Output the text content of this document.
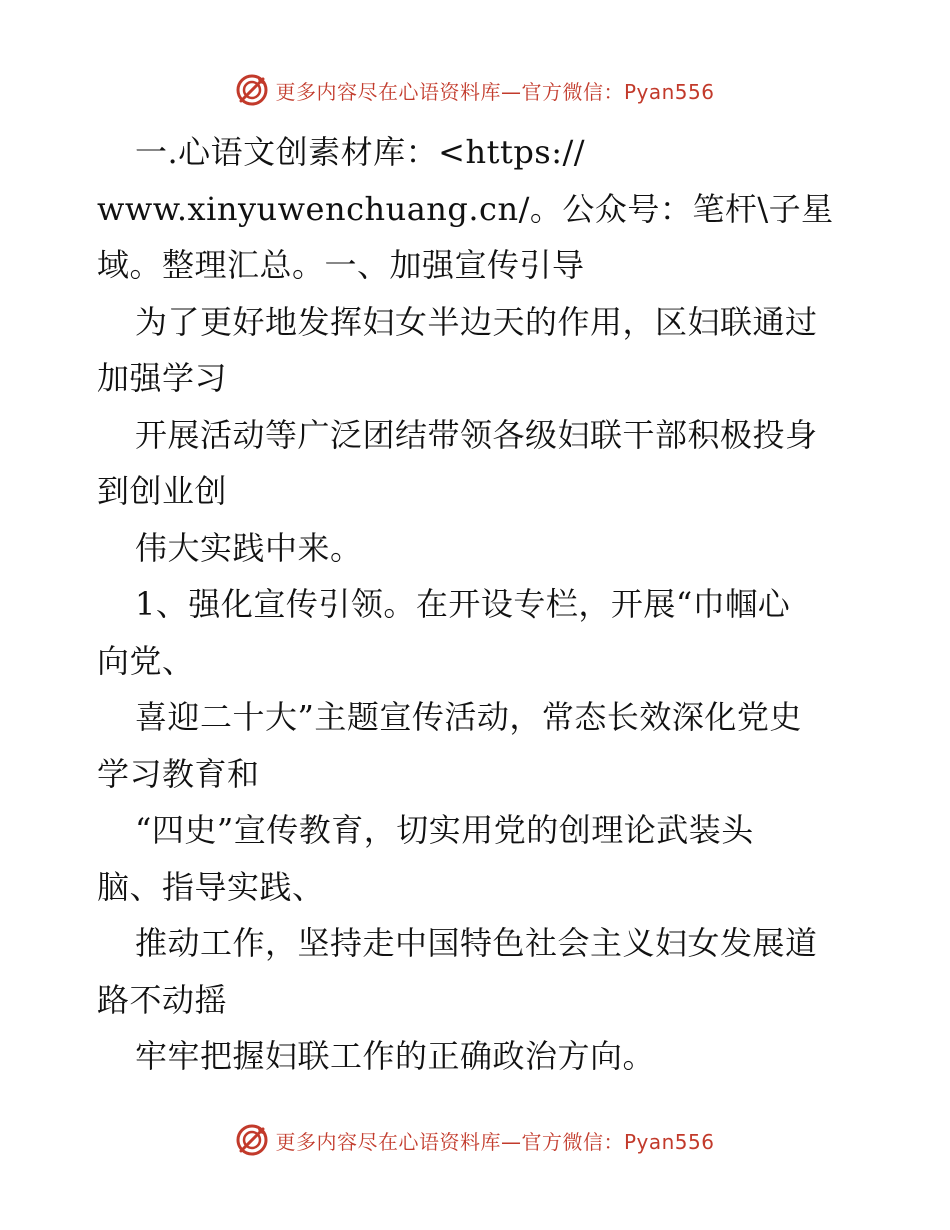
更多内容尽在心语资料库—官方微信：Pyan556
一.心语文创素材库：<https://
www.xinyuwenchuang.cn/。公众号：笔杆\子星
域。整理汇总。一、加强宣传引导
为了更好地发挥妇女半边天的作用，区妇联通过
加强学习
开展活动等广泛团结带领各级妇联干部积极投身
到创业创
伟大实践中来。
1、强化宣传引领。在开设专栏，开展“巾帼心
向党、
喜迎二十大”主题宣传活动，常态长效深化党史
学习教育和
“四史”宣传教育，切实用党的创理论武装头
脑、指导实践、
推动工作，坚持走中国特色社会主义妇女发展道
路不动摇
牢牢把握妇联工作的正确政治方向。
更多内容尽在心语资料库—官方微信：Pyan556
